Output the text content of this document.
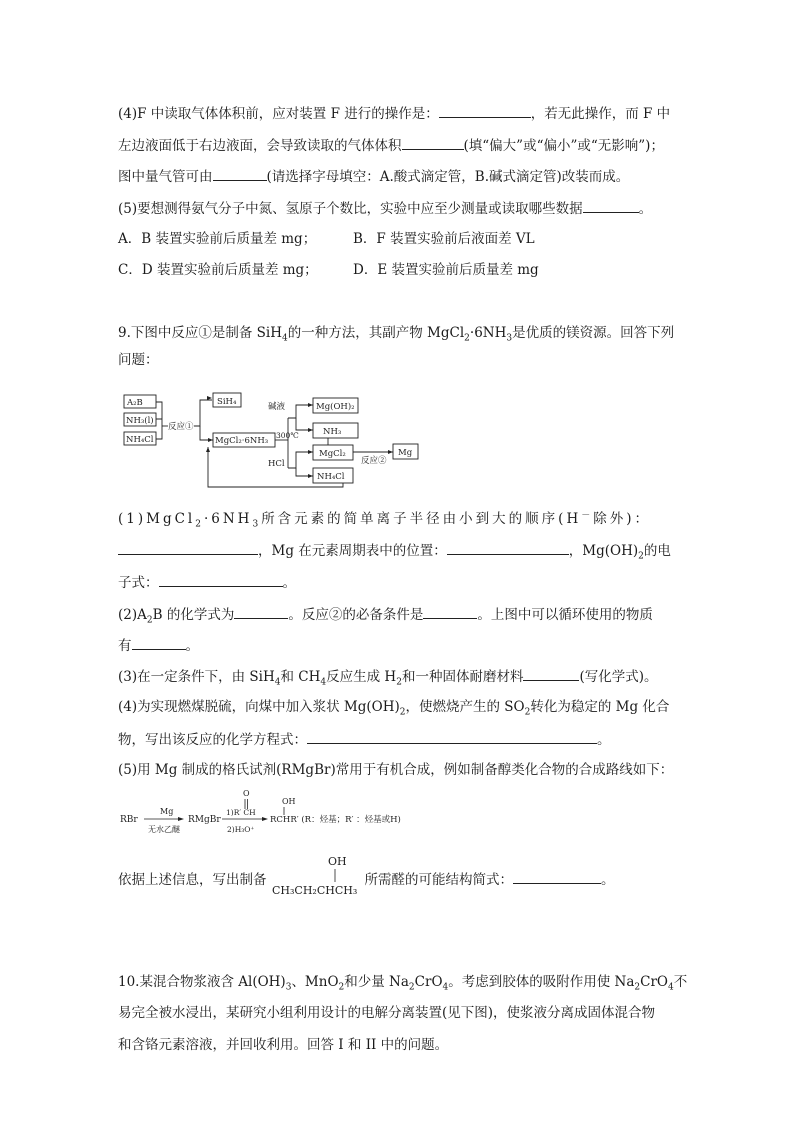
(4)F 中读取气体体积前，应对装置 F 进行的操作是：	，若无此操作，而 F 中
左边液面低于右边液面，会导致读取的气体体积	(填“偏大”或“偏小”或“无影响”)；
图中量气管可由	(请选择字母填空：A.酸式滴定管，B.碱式滴定管)改装而成。
(5)要想测得氨气分子中氮、氢原子个数比，实验中应至少测量或读取哪些数据	。
A．B 装置实验前后质量差 mg；	B．F 装置实验前后液面差 VL
C．D 装置实验前后质量差 mg；	D．E 装置实验前后质量差 mg
9.下图中反应①是制备 SiH$_4$的一种方法，其副产物 $MgCl_2\cdot 6NH_3$是优质的镁资源。回答下列
问题：
A₂B
NH₃(l)
NH₄Cl
反应①
SiH₄
MgCl₂·6NH₃
碱液
300℃
HCl
Mg(OH)₂
NH₃
MgCl₂
NH₄Cl
反应②
Mg
$(1)MgCl_2\cdot 6NH_3$所含元素的简单离子半径由小到大的顺序(H－除外)：
，Mg 在元素周期表中的位置：	，$Mg(OH)_2$的电
子式：	。
$(2)A_2B$ 的化学式为	。反应②的必备条件是	。上图中可以循环使用的物质
有	。
(3)在一定条件下，由 SiH$_4$和 $CH_4$反应生成 $H_2$和一种固体耐磨材料	(写化学式)。
(4)为实现燃煤脱硫，向煤中加入浆状 $Mg(OH)_2$，使燃烧产生的 $SO_2$转化为稳定的 Mg 化合
物，写出该反应的化学方程式：	。
(5)用 Mg 制成的格氏试剂(RMgBr)常用于有机合成，例如制备醇类化合物的合成路线如下：
RBr
Mg
无水乙醚
RMgBr
O
1)R′ CH
2)H₃O⁺
OH
RCHR′ (R：烃基；R′ ：烃基或H)
依据上述信息，写出制备	所需醛的可能结构简式：	。
OH
CH₃CH₂CHCH₃
10.某混合物浆液含 $Al(OH)_3$、MnO$_2$和少量 $Na_2CrO_4$。考虑到胶体的吸附作用使 $Na_2CrO_4$不
易完全被水浸出，某研究小组利用设计的电解分离装置(见下图)，使浆液分离成固体混合物
和含铬元素溶液，并回收利用。回答 I 和 II 中的问题。
